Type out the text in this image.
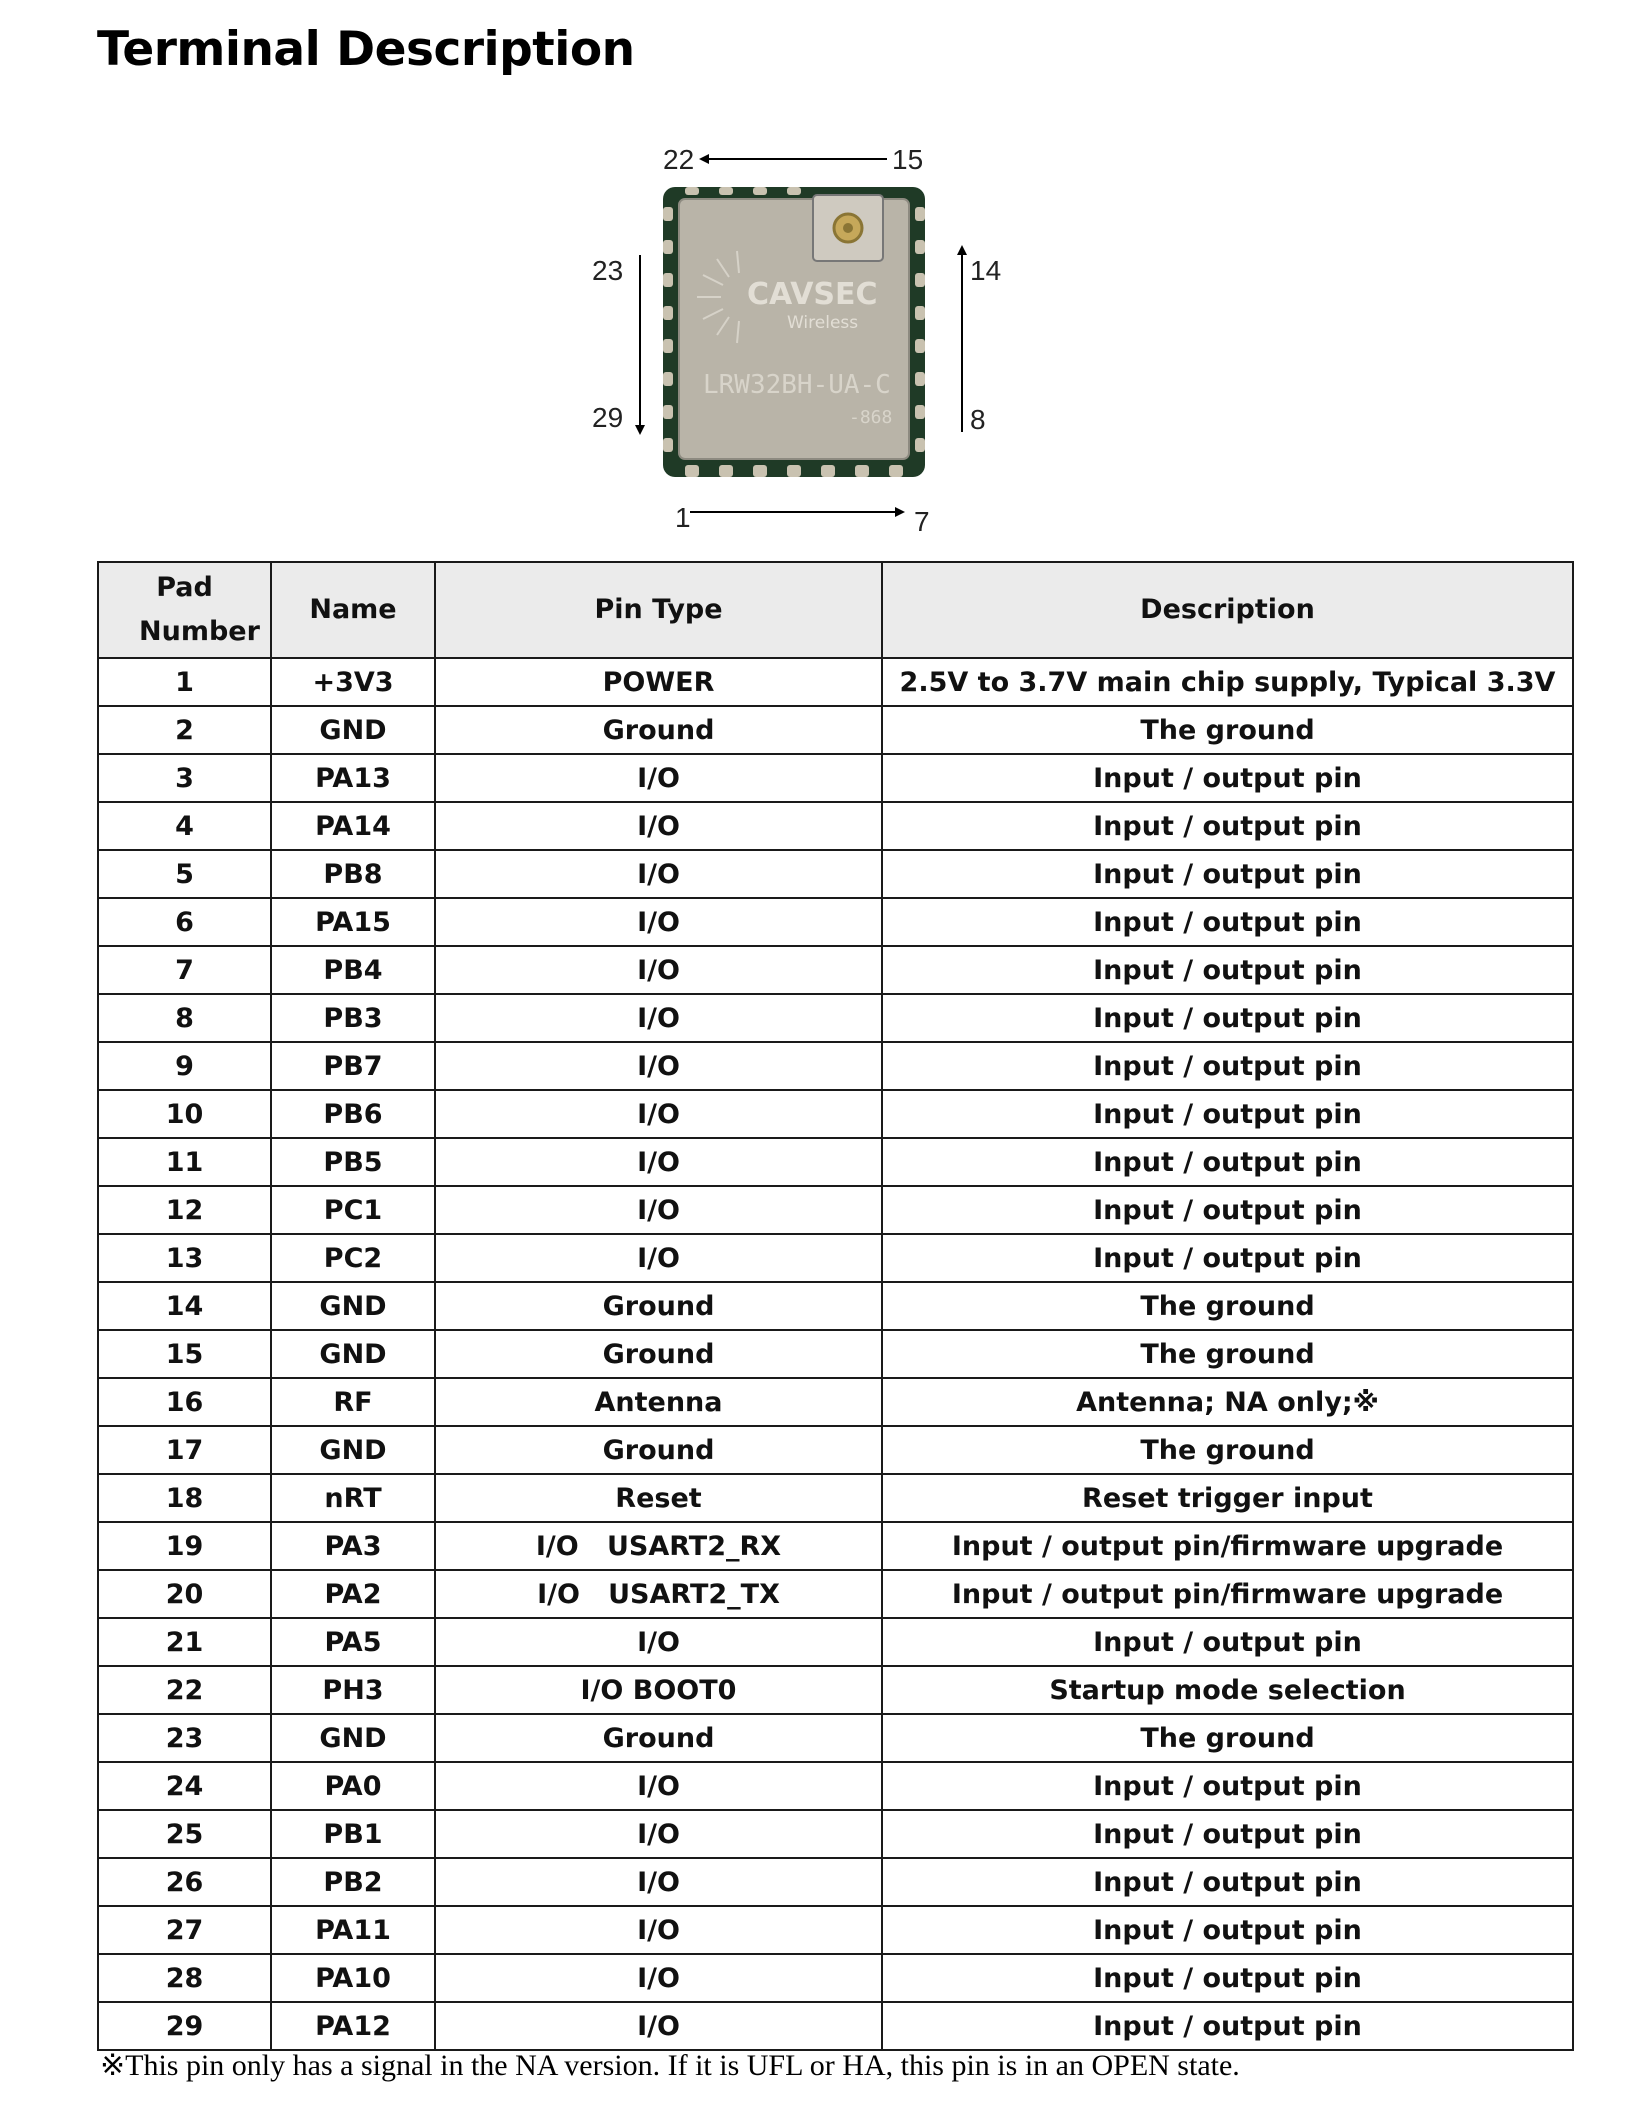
Terminal Description
22	15
23
29
14
8
1	7
CAVSEC
Wireless
LRW32BH-UA-C
-868
Pad Number	Name	Pin Type	Description
1	+3V3	POWER	2.5V to 3.7V main chip supply, Typical 3.3V
2	GND	Ground	The ground
3	PA13	I/O	Input / output pin
4	PA14	I/O	Input / output pin
5	PB8	I/O	Input / output pin
6	PA15	I/O	Input / output pin
7	PB4	I/O	Input / output pin
8	PB3	I/O	Input / output pin
9	PB7	I/O	Input / output pin
10	PB6	I/O	Input / output pin
11	PB5	I/O	Input / output pin
12	PC1	I/O	Input / output pin
13	PC2	I/O	Input / output pin
14	GND	Ground	The ground
15	GND	Ground	The ground
16	RF	Antenna	Antenna; NA only;※
17	GND	Ground	The ground
18	nRT	Reset	Reset trigger input
19	PA3	I/O   USART2_RX	Input / output pin/firmware upgrade
20	PA2	I/O   USART2_TX	Input / output pin/firmware upgrade
21	PA5	I/O	Input / output pin
22	PH3	I/O BOOT0	Startup mode selection
23	GND	Ground	The ground
24	PA0	I/O	Input / output pin
25	PB1	I/O	Input / output pin
26	PB2	I/O	Input / output pin
27	PA11	I/O	Input / output pin
28	PA10	I/O	Input / output pin
29	PA12	I/O	Input / output pin
※This pin only has a signal in the NA version. If it is UFL or HA, this pin is in an OPEN state.
